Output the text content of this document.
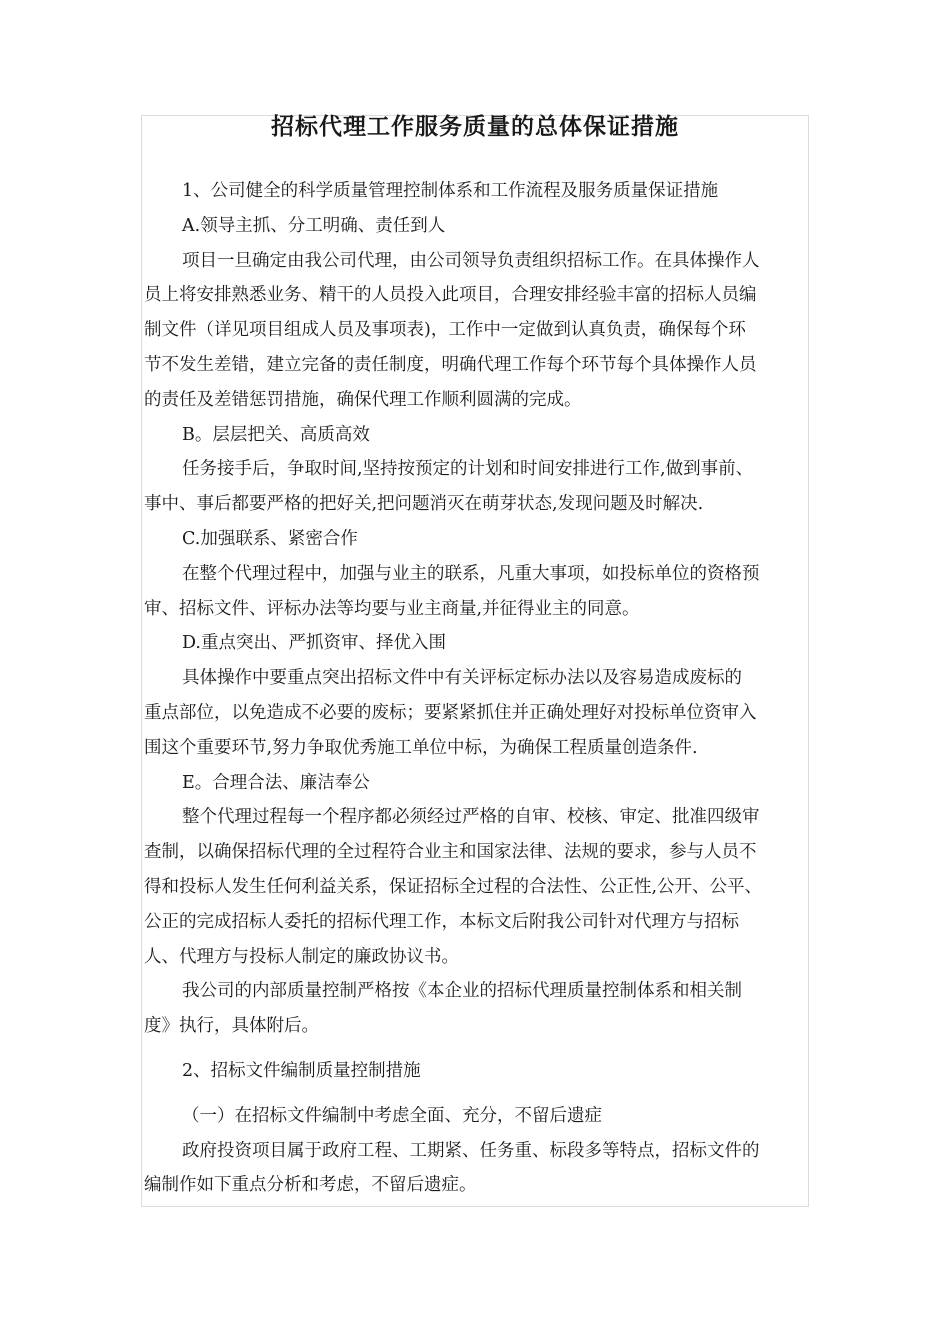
招标代理工作服务质量的总体保证措施
1、公司健全的科学质量管理控制体系和工作流程及服务质量保证措施
A.领导主抓、分工明确、责任到人
项目一旦确定由我公司代理，由公司领导负责组织招标工作。在具体操作人
员上将安排熟悉业务、精干的人员投入此项目，合理安排经验丰富的招标人员编
制文件（详见项目组成人员及事项表)，工作中一定做到认真负责，确保每个环
节不发生差错，建立完备的责任制度，明确代理工作每个环节每个具体操作人员
的责任及差错惩罚措施，确保代理工作顺利圆满的完成。
B。层层把关、高质高效
任务接手后，争取时间,坚持按预定的计划和时间安排进行工作,做到事前、
事中、事后都要严格的把好关,把问题消灭在萌芽状态,发现问题及时解决.
C.加强联系、紧密合作
在整个代理过程中，加强与业主的联系，凡重大事项，如投标单位的资格预
审、招标文件、评标办法等均要与业主商量,并征得业主的同意。
D.重点突出、严抓资审、择优入围
具体操作中要重点突出招标文件中有关评标定标办法以及容易造成废标的
重点部位，以免造成不必要的废标；要紧紧抓住并正确处理好对投标单位资审入
围这个重要环节,努力争取优秀施工单位中标，为确保工程质量创造条件.
E。合理合法、廉洁奉公
整个代理过程每一个程序都必须经过严格的自审、校核、审定、批准四级审
查制，以确保招标代理的全过程符合业主和国家法律、法规的要求，参与人员不
得和投标人发生任何利益关系，保证招标全过程的合法性、公正性,公开、公平、
公正的完成招标人委托的招标代理工作，本标文后附我公司针对代理方与招标
人、代理方与投标人制定的廉政协议书。
我公司的内部质量控制严格按《本企业的招标代理质量控制体系和相关制
度》执行，具体附后。
2、招标文件编制质量控制措施
（一）在招标文件编制中考虑全面、充分，不留后遗症
政府投资项目属于政府工程、工期紧、任务重、标段多等特点，招标文件的
编制作如下重点分析和考虑，不留后遗症。
